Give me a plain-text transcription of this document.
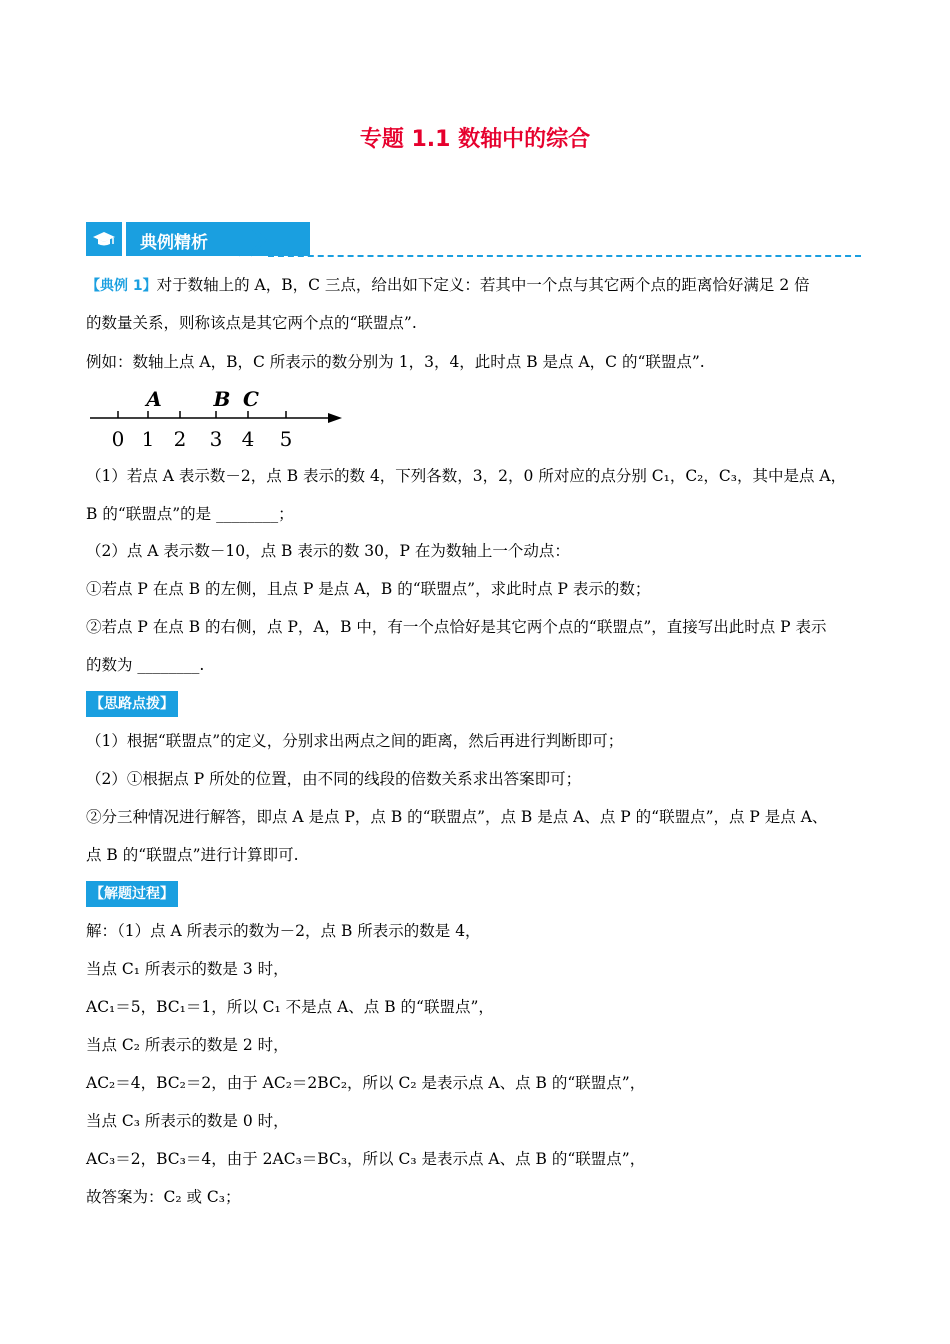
专题 1.1 数轴中的综合
典例精析
【典例 1】对于数轴上的 A，B，C 三点，给出如下定义：若其中一个点与其它两个点的距离恰好满足 2 倍
的数量关系，则称该点是其它两个点的“联盟点”.
例如：数轴上点 A，B，C 所表示的数分别为 1，3，4，此时点 B 是点 A，C 的“联盟点”.
0 1 2 3 4 5
A	B C
（1）若点 A 表示数－2，点 B 表示的数 4，下列各数，3，2，0 所对应的点分别 C₁，C₂，C₃，其中是点 A，
B 的“联盟点”的是 ________；
（2）点 A 表示数－10，点 B 表示的数 30，P 在为数轴上一个动点：
①若点 P 在点 B 的左侧，且点 P 是点 A，B 的“联盟点”，求此时点 P 表示的数；
②若点 P 在点 B 的右侧，点 P，A，B 中，有一个点恰好是其它两个点的“联盟点”，直接写出此时点 P 表示
的数为 ________.
【思路点拨】
（1）根据“联盟点”的定义，分别求出两点之间的距离，然后再进行判断即可；
（2）①根据点 P 所处的位置，由不同的线段的倍数关系求出答案即可；
②分三种情况进行解答，即点 A 是点 P，点 B 的“联盟点”，点 B 是点 A、点 P 的“联盟点”，点 P 是点 A、
点 B 的“联盟点”进行计算即可.
【解题过程】
解：（1）点 A 所表示的数为－2，点 B 所表示的数是 4，
当点 C₁ 所表示的数是 3 时，
AC₁＝5，BC₁＝1，所以 C₁ 不是点 A、点 B 的“联盟点”，
当点 C₂ 所表示的数是 2 时，
AC₂＝4，BC₂＝2，由于 AC₂＝2BC₂，所以 C₂ 是表示点 A、点 B 的“联盟点”，
当点 C₃ 所表示的数是 0 时，
AC₃＝2，BC₃＝4，由于 2AC₃＝BC₃，所以 C₃ 是表示点 A、点 B 的“联盟点”，
故答案为：C₂ 或 C₃；
